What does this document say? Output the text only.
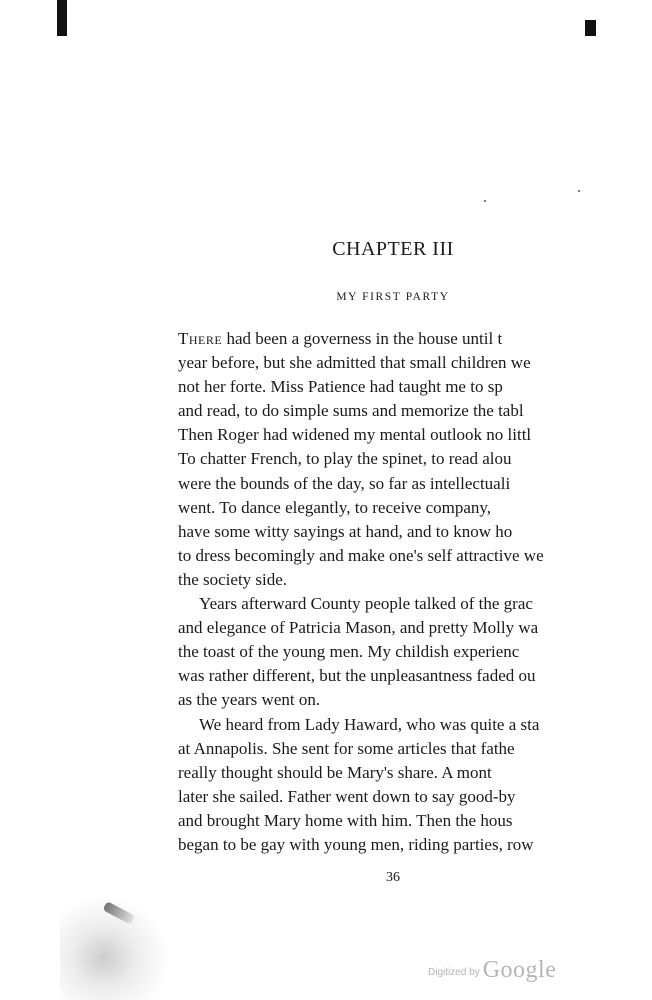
CHAPTER III
MY FIRST PARTY
There had been a governess in the house until t
year before, but she admitted that small children we
not her forte. Miss Patience had taught me to sp
and read, to do simple sums and memorize the tabl
Then Roger had widened my mental outlook no littl
To chatter French, to play the spinet, to read alou
were the bounds of the day, so far as intellectuali
went. To dance elegantly, to receive company,
have some witty sayings at hand, and to know ho
to dress becomingly and make one's self attractive we
the society side.
Years afterward County people talked of the grac
and elegance of Patricia Mason, and pretty Molly wa
the toast of the young men. My childish experienc
was rather different, but the unpleasantness faded ou
as the years went on.
We heard from Lady Haward, who was quite a sta
at Annapolis. She sent for some articles that fathe
really thought should be Mary's share. A mont
later she sailed. Father went down to say good-by
and brought Mary home with him. Then the hous
began to be gay with young men, riding parties, row
36
Digitized by Google
